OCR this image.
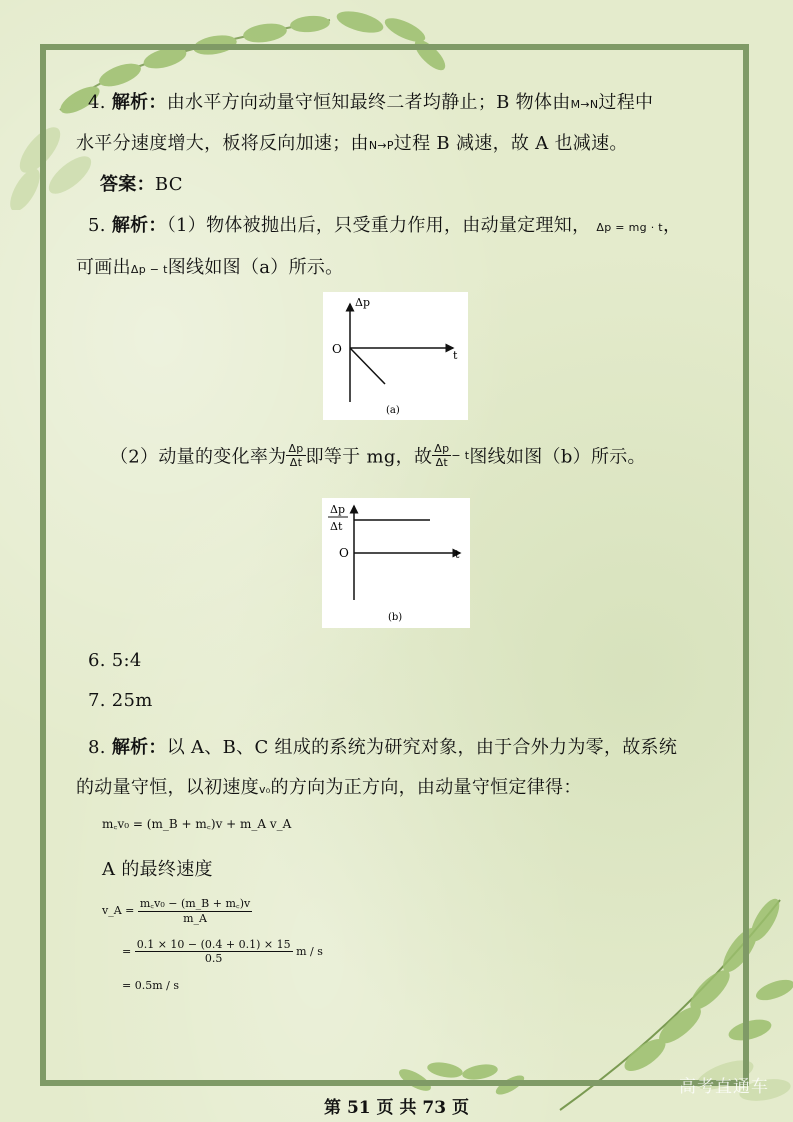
4. 解析：由水平方向动量守恒知最终二者均静止；B 物体由M→N过程中
水平分速度增大，板将反向加速；由N→P过程 B 减速，故 A 也减速。
答案：BC
5. 解析：（1）物体被抛出后，只受重力作用，由动量定理知， Δp = mg · t，
可画出Δp − t图线如图（a）所示。
Δp
O	t
(a)
（2）动量的变化率为 $\frac{\Delta p}{\Delta t}$ 即等于 mg，故 $\frac{\Delta p}{\Delta t} - t$图线如图（b）所示。
Δp
Δt
O	t
(b)
6. 5:4
7. 25m
8. 解析：以 A、B、C 组成的系统为研究对象，由于合外力为零，故系统
的动量守恒，以初速度v₀的方向为正方向，由动量守恒定律得：
m꜀v₀ = (m_B + m꜀)v + m_A v_A
A 的最终速度
v_A = $\frac{\text{m꜀v₀ − (m\_B + m꜀)v}}{m\_A}$
= $\frac{0.1 \times 10 - (0.4 + 0.1) \times 15}{0.5}$ m / s
= 0.5m / s
第 51 页 共 73 页
高考直通车
